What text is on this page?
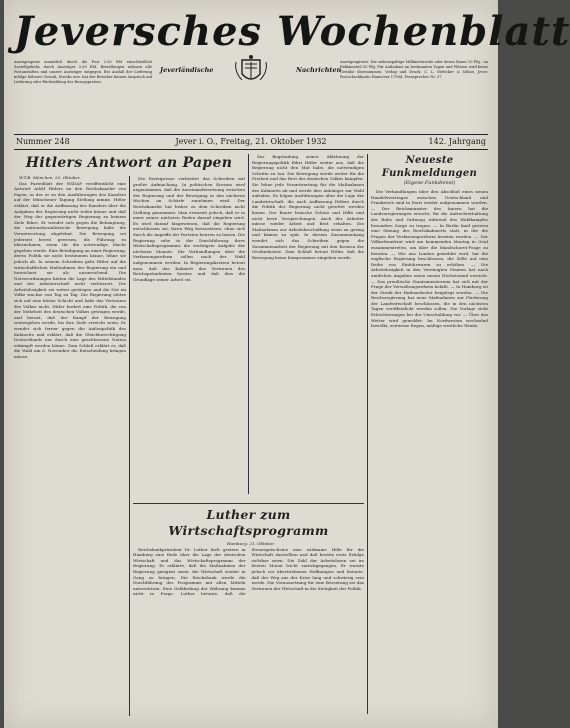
Jeversches Wochenblatt
Anzeigenpreis monatlich durch die Post 2.00 RM einschließlich Zustellgebühr, durch Austräger 2.00 RM. Bestellungen nehmen alle Postanstalten und unsere Austräger entgegen. Bei Ausfall der Lieferung infolge höherer Gewalt, Streiks usw. hat der Bezieher keinen Anspruch auf Lieferung oder Rückzahlung des Bezugspreises.
Jeverländische	Nachrichten
Anzeigenpreise: Die siebenspaltige Millimeterzeile oder deren Raum 10 Pfg., im Reklameteil 50 Pfg. Für Aufnahme an bestimmten Tagen und Plätzen wird keine Gewähr übernommen. Verlag und Druck: C. L. Mettcker & Söhne, Jever. Postscheckkonto Hannover 17984. Fernsprecher Nr. 37
Nummer 248	Jever i. O., Freitag, 21. Oktober 1932	142. Jahrgang
Hitlers Antwort an Papen

W.T.B. München, 20. Oktober.

Das Parteiblatt der NSDAP veröffentlicht eine Antwort Adolf Hitlers an den Reichskanzler von Papen, in der er zu den Ausführungen des Kanzlers auf der Münchener Tagung Stellung nimmt. Hitler erklärt, daß er die Auffassung des Kanzlers über die Aufgaben der Regierung nicht teilen könne und daß der Weg der gegenwärtigen Regierung zu keinem Ziele führe. Er wendet sich gegen die Behauptung, die nationalsozialistische Bewegung habe die Verantwortung abgelehnt. Die Bewegung sei jederzeit bereit gewesen, die Führung zu übernehmen, wenn ihr die notwendige Macht gegeben werde. Eine Beteiligung an einer Regierung, deren Politik sie nicht bestimmen könne, lehne sie jedoch ab. In seinem Schreiben geht Hitler auf die wirtschaftlichen Maßnahmen der Regierung ein und bezeichnet sie als unzureichend. Die Notverordnungen hätten die Lage des Mittelstandes und der Arbeiterschaft nicht verbessert. Die Arbeitslosigkeit sei weiter gestiegen und die Not im Volke wachse von Tag zu Tag. Die Regierung stütze sich auf eine kleine Schicht und habe das Vertrauen des Volkes nicht. Hitler fordert eine Politik, die von der Mehrheit des deutschen Volkes getragen werde, und betont, daß der Kampf der Bewegung weitergehen werde, bis ihre Ziele erreicht seien. Er wendet sich ferner gegen die Außenpolitik des Kabinetts und erklärt, daß die Gleichberechtigung Deutschlands nur durch eine geschlossene Nation erkämpft werden könne. Zum Schluß erklärt er, daß die Wahl am 6. November die Entscheidung bringen müsse.

Die Parteipresse verbreitet das Schreiben mit großer Aufmachung. In politischen Kreisen wird angenommen, daß die Auseinandersetzung zwischen der Regierung und der Bewegung in den nächsten Wochen an Schärfe zunehmen wird. Der Reichskanzler hat bisher zu dem Schreiben nicht Stellung genommen. Man erwartet jedoch, daß er in einer seiner nächsten Reden darauf eingehen wird. Es wird darauf hingewiesen, daß die Regierung entschlossen sei, ihren Weg fortzusetzen, ohne sich durch die Angriffe der Parteien beirren zu lassen. Die Regierung sehe in der Durchführung ihres Wirtschaftsprogramms die wichtigste Aufgabe der nächsten Monate. Die Verhandlungen über die Verfassungsreform sollen nach der Wahl aufgenommen werden. In Regierungskreisen betont man, daß das Kabinett das Vertrauen des Reichspräsidenten besitze und daß dies die Grundlage seiner Arbeit sei.

Zur Begründung seiner Ablehnung der Regierungspolitik führt Hitler weiter aus, daß die Regierung nicht den Mut habe, die notwendigen Schritte zu tun. Die Bewegung werde weiter für die Freiheit und das Brot des deutschen Volkes kämpfen. Sie lehne jede Verantwortung für die Maßnahmen des Kabinetts ab und werde ihre Anhänger zur Wahl aufrufen. Es folgen Ausführungen über die Lage der Landwirtschaft, die nach Auffassung Hitlers durch die Politik der Regierung nicht gerettet werden könne. Der Bauer brauche Schutz und Hilfe und nicht leere Versprechungen. Auch der Arbeiter müsse wieder Arbeit und Brot erhalten. Die Maßnahmen zur Arbeitsbeschaffung seien zu gering und kämen zu spät. In diesem Zusammenhang wendet sich das Schreiben gegen die Zusammenarbeit der Regierung mit den Kreisen der Großindustrie. Zum Schluß betont Hitler, daß die Bewegung keine Kompromisse eingehen werde.

Luther zum Wirtschaftsprogramm

Hamburg, 21. Oktober.

Reichsbankpräsident Dr. Luther hielt gestern in Hamburg eine Rede über die Lage der deutschen Wirtschaft und das Wirtschaftsprogramm der Regierung. Er erklärte, daß die Maßnahmen der Regierung geeignet seien, die Wirtschaft wieder in Gang zu bringen. Die Reichsbank werde die Durchführung des Programms mit allen Mitteln unterstützen. Eine Gefährdung der Währung komme nicht in Frage. Luther betonte, daß die Steuergutscheine eine wirksame Hilfe für die Wirtschaft darstellten und daß bereits erste Erfolge sichtbar seien. Die Zahl der Arbeitslosen sei im letzten Monat leicht zurückgegangen. Er warnte jedoch vor übertriebenen Hoffnungen und betonte, daß der Weg aus der Krise lang und schwierig sein werde. Die Voraussetzung für eine Besserung sei das Vertrauen der Wirtschaft in die Stetigkeit der Politik.

Neueste Funkmeldungen
(Eigene Funkdienst)

Die Verhandlungen über den Abschluß eines neuen Handelsvertrages zwischen Deutschland und Frankreich sind in Paris wieder aufgenommen worden. — Der Reichsminister des Innern hat die Landesregierungen ersucht, für die Aufrechterhaltung der Ruhe und Ordnung während des Wahlkampfes besondere Sorge zu tragen. — In Berlin fand gestern eine Sitzung des Reichskabinetts statt, in der die Fragen der Verfassungsreform beraten wurden. — Der Völkerbundsrat wird am kommenden Montag in Genf zusammentreten, um über die Mandschurei-Frage zu beraten. — Wie aus London gemeldet wird, hat die englische Regierung beschlossen, die Zölle auf eine Reihe von Einfuhrwaren zu erhöhen. — Die Arbeitslosigkeit in den Vereinigten Staaten hat nach amtlichen Angaben einen neuen Höchststand erreicht. — Das preußische Staatsministerium hat sich mit der Frage der Verwaltungsreform befaßt. — In Hamburg ist der Streik der Hafenarbeiter beigelegt worden. — Die Reichsregierung hat neue Maßnahmen zur Förderung der Landwirtschaft beschlossen, die in den nächsten Tagen veröffentlicht werden sollen. Die Vorlage sieht Erleichterungen bei der Umschuldung vor. — Über das Wetter wird gemeldet: Im Nordwesten wechselnd bewölkt, zeitweise Regen, mäßige westliche Winde.
